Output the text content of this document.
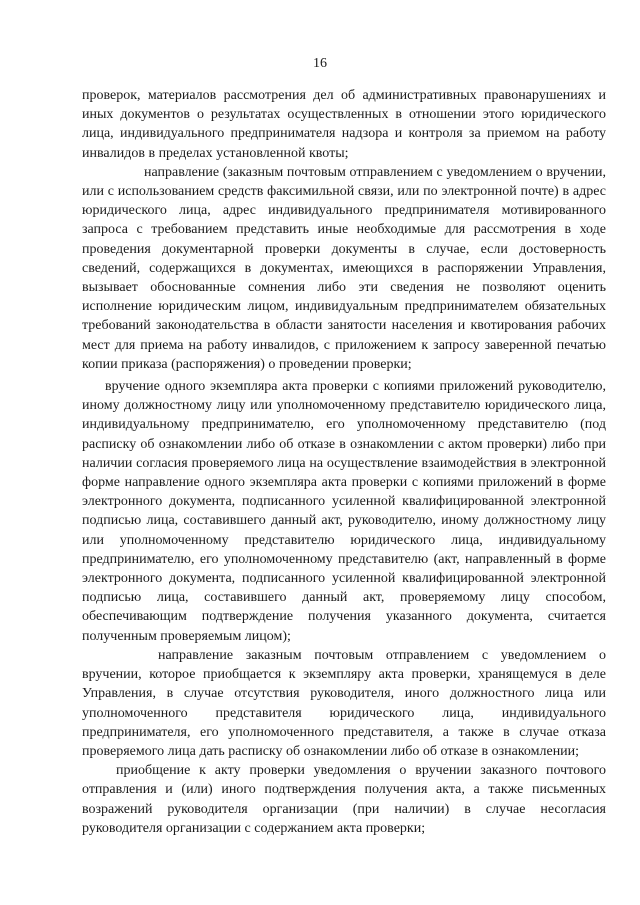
16

проверок, материалов рассмотрения дел об административных правонарушениях и иных документов о результатах осуществленных в отношении этого юридического лица, индивидуального предпринимателя надзора и контроля за приемом на работу инвалидов в пределах установленной квоты;

направление (заказным почтовым отправлением с уведомлением о вручении, или с использованием средств факсимильной связи, или по электронной почте) в адрес юридического лица, адрес индивидуального предпринимателя мотивированного запроса с требованием представить иные необходимые для рассмотрения в ходе проведения документарной проверки документы в случае, если достоверность сведений, содержащихся в документах, имеющихся в распоряжении Управления, вызывает обоснованные сомнения либо эти сведения не позволяют оценить исполнение юридическим лицом, индивидуальным предпринимателем обязательных требований законодательства в области занятости населения и квотирования рабочих мест для приема на работу инвалидов, с приложением к запросу заверенной печатью копии приказа (распоряжения) о проведении проверки;

вручение одного экземпляра акта проверки с копиями приложений руководителю, иному должностному лицу или уполномоченному представителю юридического лица, индивидуальному предпринимателю, его уполномоченному представителю (под расписку об ознакомлении либо об отказе в ознакомлении с актом проверки) либо при наличии согласия проверяемого лица на осуществление взаимодействия в электронной форме направление одного экземпляра акта проверки с копиями приложений в форме электронного документа, подписанного усиленной квалифицированной электронной подписью лица, составившего данный акт, руководителю, иному должностному лицу или уполномоченному представителю юридического лица, индивидуальному предпринимателю, его уполномоченному представителю (акт, направленный в форме электронного документа, подписанного усиленной квалифицированной электронной подписью лица, составившего данный акт, проверяемому лицу способом, обеспечивающим подтверждение получения указанного документа, считается полученным проверяемым лицом);

направление заказным почтовым отправлением с уведомлением о вручении, которое приобщается к экземпляру акта проверки, хранящемуся в деле Управления, в случае отсутствия руководителя, иного должностного лица или уполномоченного представителя юридического лица, индивидуального предпринимателя, его уполномоченного представителя, а также в случае отказа проверяемого лица дать расписку об ознакомлении либо об отказе в ознакомлении;

приобщение к акту проверки уведомления о вручении заказного почтового отправления и (или) иного подтверждения получения акта, а также письменных возражений руководителя организации (при наличии) в случае несогласия руководителя организации с содержанием акта проверки;
